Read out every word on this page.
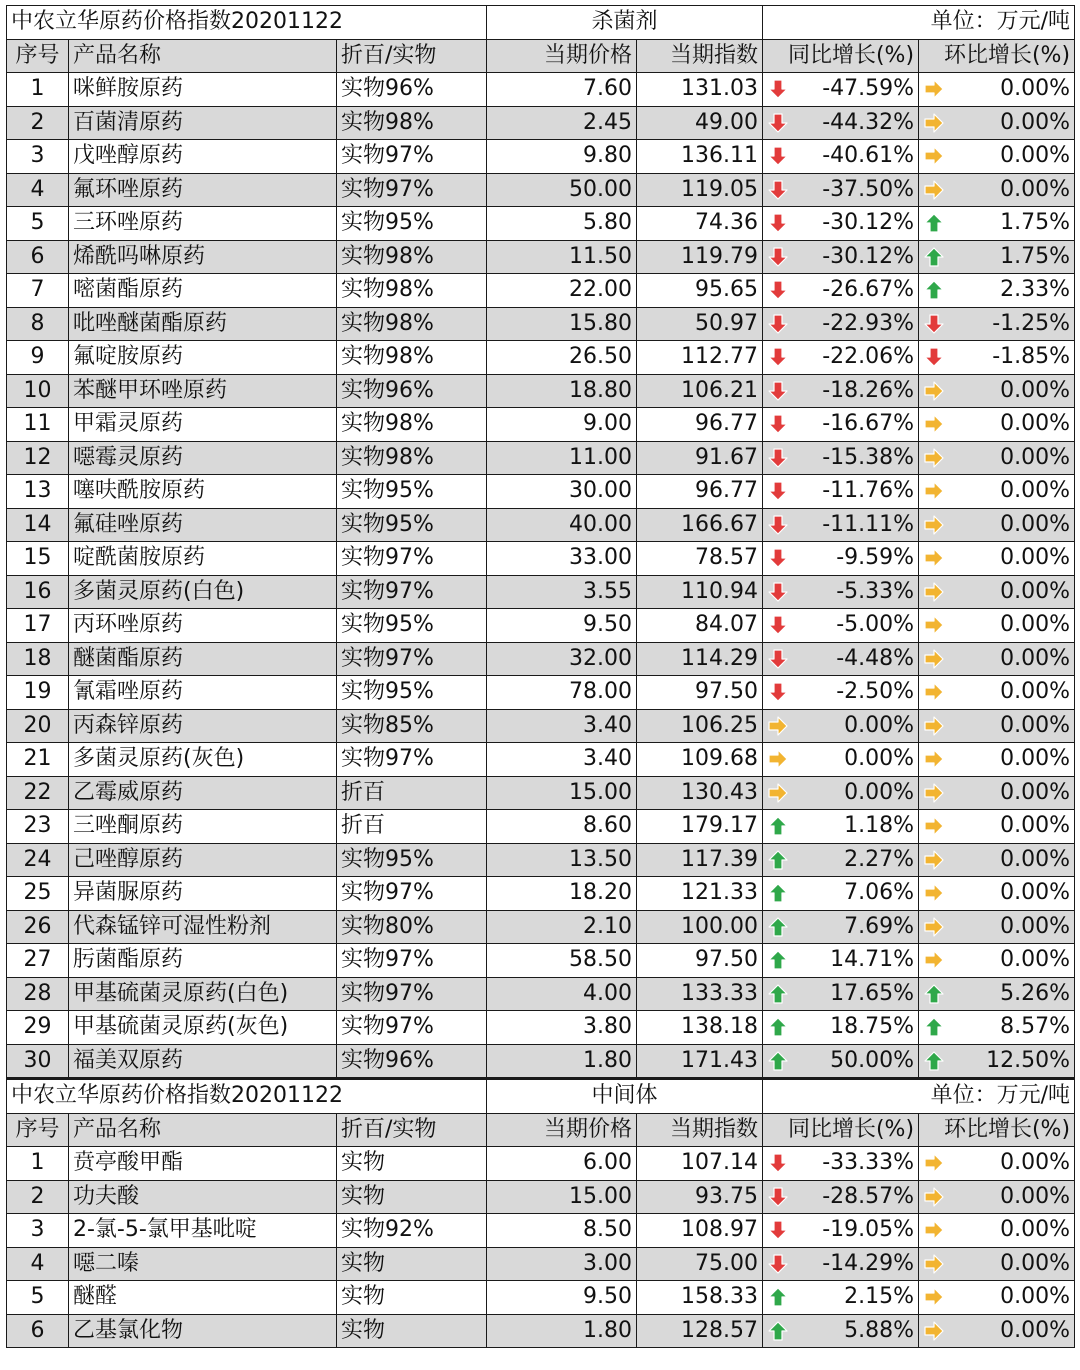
中农立华原药价格指数20201122			杀菌剂		单位：万元/吨	
序号	产品名称	折百/实物	当期价格	当期指数	同比增长(%)	环比增长(%)
1	咪鲜胺原药	实物96%	7.60	131.03	-47.59%	0.00%

2	百菌清原药	实物98%	2.45	49.00	-44.32%	0.00%

3	戊唑醇原药	实物97%	9.80	136.11	-40.61%	0.00%

4	氟环唑原药	实物97%	50.00	119.05	-37.50%	0.00%

5	三环唑原药	实物95%	5.80	74.36	-30.12%	1.75%

6	烯酰吗啉原药	实物98%	11.50	119.79	-30.12%	1.75%

7	嘧菌酯原药	实物98%	22.00	95.65	-26.67%	2.33%

8	吡唑醚菌酯原药	实物98%	15.80	50.97	-22.93%	-1.25%

9	氟啶胺原药	实物98%	26.50	112.77	-22.06%	-1.85%

10	苯醚甲环唑原药	实物96%	18.80	106.21	-18.26%	0.00%

11	甲霜灵原药	实物98%	9.00	96.77	-16.67%	0.00%

12	噁霉灵原药	实物98%	11.00	91.67	-15.38%	0.00%

13	噻呋酰胺原药	实物95%	30.00	96.77	-11.76%	0.00%

14	氟硅唑原药	实物95%	40.00	166.67	-11.11%	0.00%

15	啶酰菌胺原药	实物97%	33.00	78.57	-9.59%	0.00%

16	多菌灵原药(白色)	实物97%	3.55	110.94	-5.33%	0.00%

17	丙环唑原药	实物95%	9.50	84.07	-5.00%	0.00%

18	醚菌酯原药	实物97%	32.00	114.29	-4.48%	0.00%

19	氰霜唑原药	实物95%	78.00	97.50	-2.50%	0.00%

20	丙森锌原药	实物85%	3.40	106.25	0.00%	0.00%

21	多菌灵原药(灰色)	实物97%	3.40	109.68	0.00%	0.00%

22	乙霉威原药	折百	15.00	130.43	0.00%	0.00%

23	三唑酮原药	折百	8.60	179.17	1.18%	0.00%

24	己唑醇原药	实物95%	13.50	117.39	2.27%	0.00%

25	异菌脲原药	实物97%	18.20	121.33	7.06%	0.00%

26	代森锰锌可湿性粉剂	实物80%	2.10	100.00	7.69%	0.00%

27	肟菌酯原药	实物97%	58.50	97.50	14.71%	0.00%

28	甲基硫菌灵原药(白色)	实物97%	4.00	133.33	17.65%	5.26%

29	甲基硫菌灵原药(灰色)	实物97%	3.80	138.18	18.75%	8.57%

30	福美双原药	实物96%	1.80	171.43	50.00%	12.50%

中农立华原药价格指数20201122			中间体		单位：万元/吨	
序号	产品名称	折百/实物	当期价格	当期指数	同比增长(%)	环比增长(%)
1	贲亭酸甲酯	实物	6.00	107.14	-33.33%	0.00%

2	功夫酸	实物	15.00	93.75	-28.57%	0.00%

3	2-氯-5-氯甲基吡啶	实物92%	8.50	108.97	-19.05%	0.00%

4	噁二嗪	实物	3.00	75.00	-14.29%	0.00%

5	醚醛	实物	9.50	158.33	2.15%	0.00%

6	乙基氯化物	实物	1.80	128.57	5.88%	0.00%
